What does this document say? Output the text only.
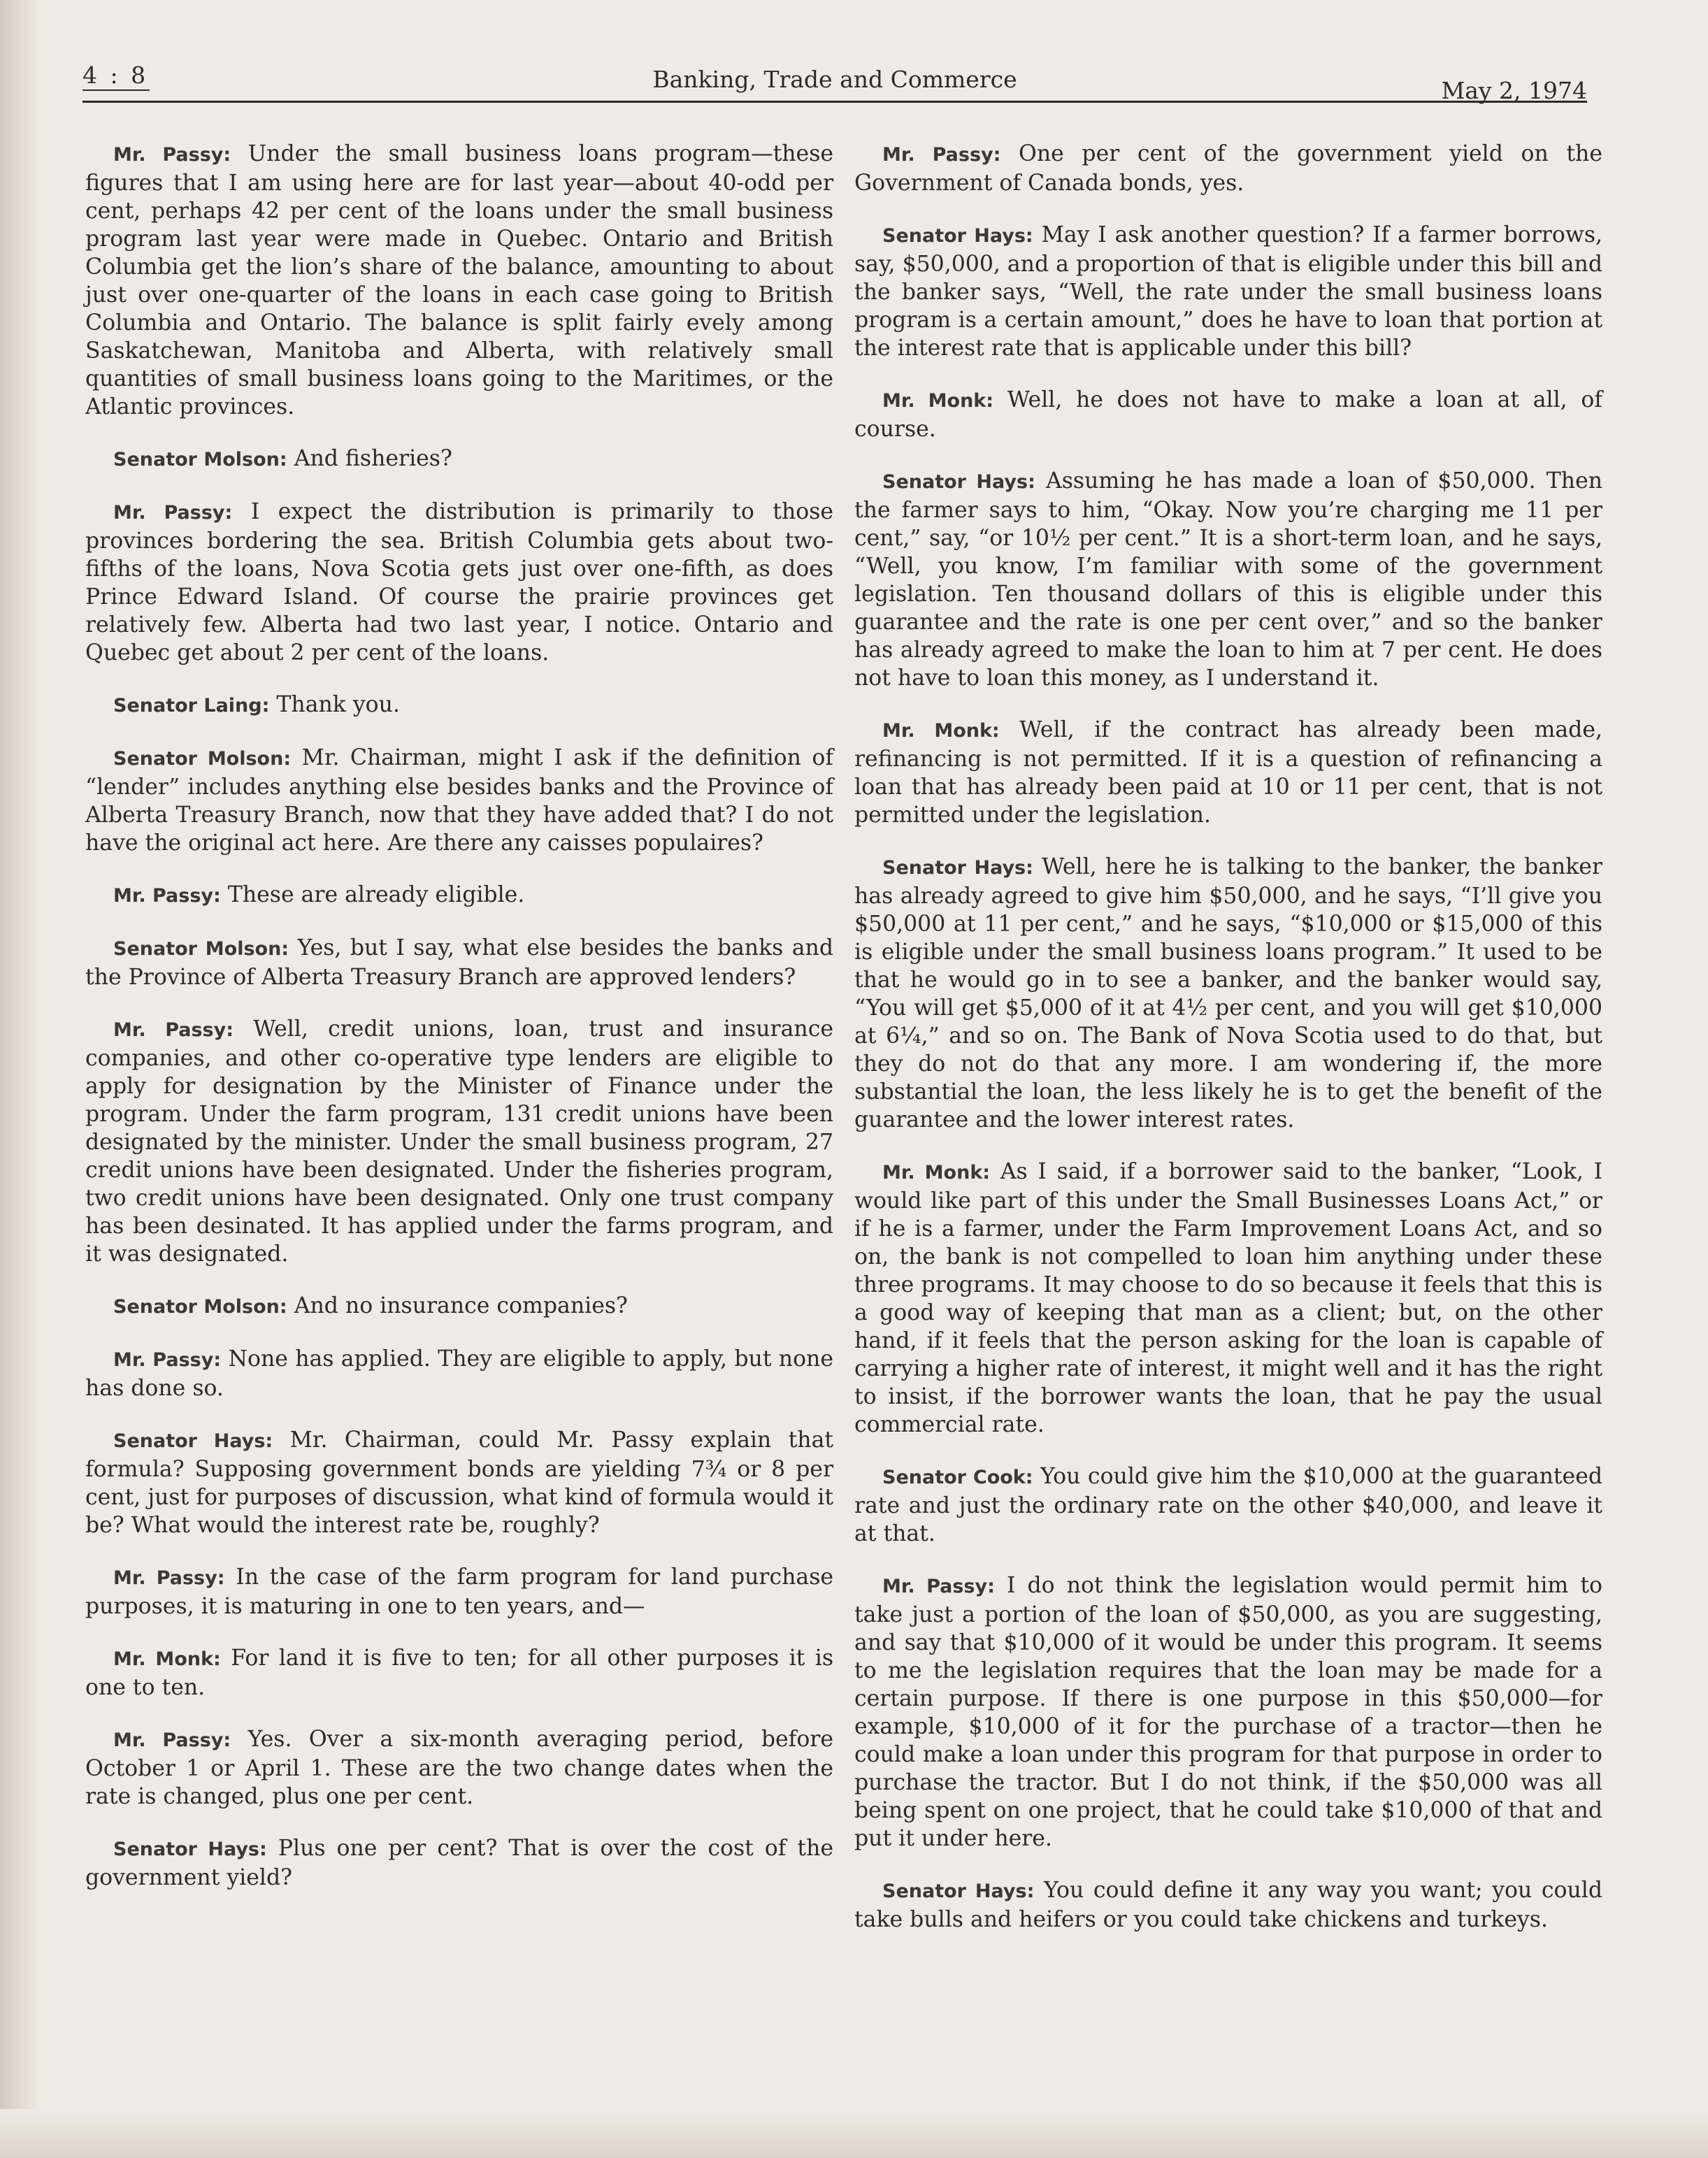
4 : 8	Banking, Trade and Commerce	May 2, 1974

Mr. Passy: Under the small business loans program—these figures that I am using here are for last year—about 40-odd per cent, perhaps 42 per cent of the loans under the small business program last year were made in Quebec. Ontario and British Columbia get the lion’s share of the balance, amounting to about just over one-quarter of the loans in each case going to British Columbia and Ontario. The balance is split fairly evely among Saskatchewan, Manitoba and Alberta, with relatively small quantities of small business loans going to the Maritimes, or the Atlantic provinces.

Senator Molson: And fisheries?

Mr. Passy: I expect the distribution is primarily to those provinces bordering the sea. British Columbia gets about two-fifths of the loans, Nova Scotia gets just over one-fifth, as does Prince Edward Island. Of course the prairie provinces get relatively few. Alberta had two last year, I notice. Ontario and Quebec get about 2 per cent of the loans.

Senator Laing: Thank you.

Senator Molson: Mr. Chairman, might I ask if the definition of “lender” includes anything else besides banks and the Province of Alberta Treasury Branch, now that they have added that? I do not have the original act here. Are there any caisses populaires?

Mr. Passy: These are already eligible.

Senator Molson: Yes, but I say, what else besides the banks and the Province of Alberta Treasury Branch are approved lenders?

Mr. Passy: Well, credit unions, loan, trust and insurance companies, and other co-operative type lenders are eligible to apply for designation by the Minister of Finance under the program. Under the farm program, 131 credit unions have been designated by the minister. Under the small business program, 27 credit unions have been designated. Under the fisheries program, two credit unions have been designated. Only one trust company has been desinated. It has applied under the farms program, and it was designated.

Senator Molson: And no insurance companies?

Mr. Passy: None has applied. They are eligible to apply, but none has done so.

Senator Hays: Mr. Chairman, could Mr. Passy explain that formula? Supposing government bonds are yielding 7¾ or 8 per cent, just for purposes of discussion, what kind of formula would it be? What would the interest rate be, roughly?

Mr. Passy: In the case of the farm program for land purchase purposes, it is maturing in one to ten years, and—

Mr. Monk: For land it is five to ten; for all other purposes it is one to ten.

Mr. Passy: Yes. Over a six-month averaging period, before October 1 or April 1. These are the two change dates when the rate is changed, plus one per cent.

Senator Hays: Plus one per cent? That is over the cost of the government yield?

Mr. Passy: One per cent of the government yield on the Government of Canada bonds, yes.

Senator Hays: May I ask another question? If a farmer borrows, say, $50,000, and a proportion of that is eligible under this bill and the banker says, “Well, the rate under the small business loans program is a certain amount,” does he have to loan that portion at the interest rate that is applicable under this bill?

Mr. Monk: Well, he does not have to make a loan at all, of course.

Senator Hays: Assuming he has made a loan of $50,000. Then the farmer says to him, “Okay. Now you’re charging me 11 per cent,” say, “or 10½ per cent.” It is a short-term loan, and he says, “Well, you know, I’m familiar with some of the government legislation. Ten thousand dollars of this is eligible under this guarantee and the rate is one per cent over,” and so the banker has already agreed to make the loan to him at 7 per cent. He does not have to loan this money, as I understand it.

Mr. Monk: Well, if the contract has already been made, refinancing is not permitted. If it is a question of refinancing a loan that has already been paid at 10 or 11 per cent, that is not permitted under the legislation.

Senator Hays: Well, here he is talking to the banker, the banker has already agreed to give him $50,000, and he says, “I’ll give you $50,000 at 11 per cent,” and he says, “$10,000 or $15,000 of this is eligible under the small business loans program.” It used to be that he would go in to see a banker, and the banker would say, “You will get $5,000 of it at 4½ per cent, and you will get $10,000 at 6¼,” and so on. The Bank of Nova Scotia used to do that, but they do not do that any more. I am wondering if, the more substantial the loan, the less likely he is to get the benefit of the guarantee and the lower interest rates.

Mr. Monk: As I said, if a borrower said to the banker, “Look, I would like part of this under the Small Businesses Loans Act,” or if he is a farmer, under the Farm Improvement Loans Act, and so on, the bank is not compelled to loan him anything under these three programs. It may choose to do so because it feels that this is a good way of keeping that man as a client; but, on the other hand, if it feels that the person asking for the loan is capable of carrying a higher rate of interest, it might well and it has the right to insist, if the borrower wants the loan, that he pay the usual commercial rate.

Senator Cook: You could give him the $10,000 at the guaranteed rate and just the ordinary rate on the other $40,000, and leave it at that.

Mr. Passy: I do not think the legislation would permit him to take just a portion of the loan of $50,000, as you are suggesting, and say that $10,000 of it would be under this program. It seems to me the legislation requires that the loan may be made for a certain purpose. If there is one purpose in this $50,000—for example, $10,000 of it for the purchase of a tractor—then he could make a loan under this program for that purpose in order to purchase the tractor. But I do not think, if the $50,000 was all being spent on one project, that he could take $10,000 of that and put it under here.

Senator Hays: You could define it any way you want; you could take bulls and heifers or you could take chickens and turkeys.
